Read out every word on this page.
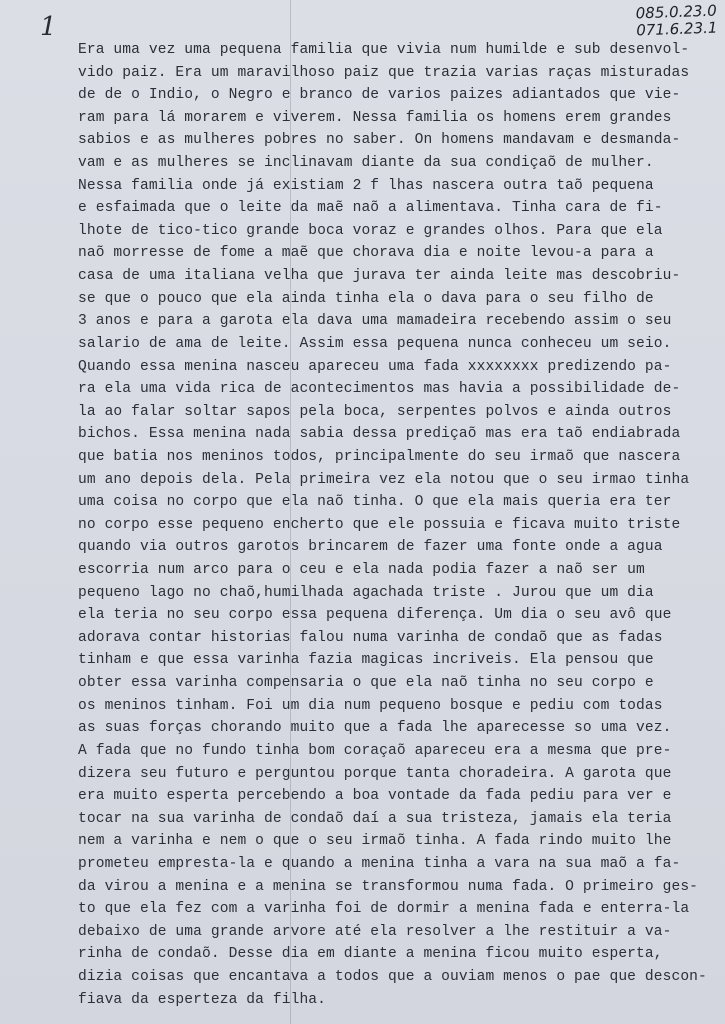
1	085.0.23.0
071.6.23.1
Era uma vez uma pequena familia que vivia num humilde e sub desenvol-
vido paiz. Era um maravilhoso paiz que trazia varias raças misturadas
de de o Indio, o Negro e branco de varios paizes adiantados que vie-
ram para lá morarem e viverem. Nessa familia os homens erem grandes
sabios e as mulheres pobres no saber. On homens mandavam e desmanda-
vam e as mulheres se inclinavam diante da sua condiçaõ de mulher.
Nessa familia onde já existiam 2 f lhas nascera outra taõ pequena
e esfaimada que o leite da maẽ naõ a alimentava. Tinha cara de fi-
lhote de tico-tico grande boca voraz e grandes olhos. Para que ela
naõ morresse de fome a maẽ que chorava dia e noite levou-a para a
casa de uma italiana velha que jurava ter ainda leite mas descobriu-
se que o pouco que ela ainda tinha ela o dava para o seu filho de
3 anos e para a garota ela dava uma mamadeira recebendo assim o seu
salario de ama de leite. Assim essa pequena nunca conheceu um seio.
Quando essa menina nasceu apareceu uma fada xxxxxxxx predizendo pa-
ra ela uma vida rica de acontecimentos mas havia a possibilidade de-
la ao falar soltar sapos pela boca, serpentes polvos e ainda outros
bichos. Essa menina nada sabia dessa prediçaõ mas era taõ endiabrada
que batia nos meninos todos, principalmente do seu irmaõ que nascera
um ano depois dela. Pela primeira vez ela notou que o seu irmao tinha
uma coisa no corpo que ela naõ tinha. O que ela mais queria era ter
no corpo esse pequeno encherto que ele possuia e ficava muito triste
quando via outros garotos brincarem de fazer uma fonte onde a agua
escorria num arco para o ceu e ela nada podia fazer a naõ ser um
pequeno lago no chaõ,humilhada agachada triste . Jurou que um dia
ela teria no seu corpo essa pequena diferença. Um dia o seu avô que
adorava contar historias falou numa varinha de condaõ que as fadas
tinham e que essa varinha fazia magicas incriveis. Ela pensou que
obter essa varinha compensaria o que ela naõ tinha no seu corpo e
os meninos tinham. Foi um dia num pequeno bosque e pediu com todas
as suas forças chorando muito que a fada lhe aparecesse so uma vez.
A fada que no fundo tinha bom coraçaõ apareceu era a mesma que pre-
dizera seu futuro e perguntou porque tanta choradeira. A garota que
era muito esperta percebendo a boa vontade da fada pediu para ver e
tocar na sua varinha de condaõ daí a sua tristeza, jamais ela teria
nem a varinha e nem o que o seu irmaõ tinha. A fada rindo muito lhe
prometeu empresta-la e quando a menina tinha a vara na sua maõ a fa-
da virou a menina e a menina se transformou numa fada. O primeiro ges-
to que ela fez com a varinha foi de dormir a menina fada e enterra-la
debaixo de uma grande arvore até ela resolver a lhe restituir a va-
rinha de condaõ. Desse dia em diante a menina ficou muito esperta,
dizia coisas que encantava a todos que a ouviam menos o pae que descon-
fiava da esperteza da filha.
